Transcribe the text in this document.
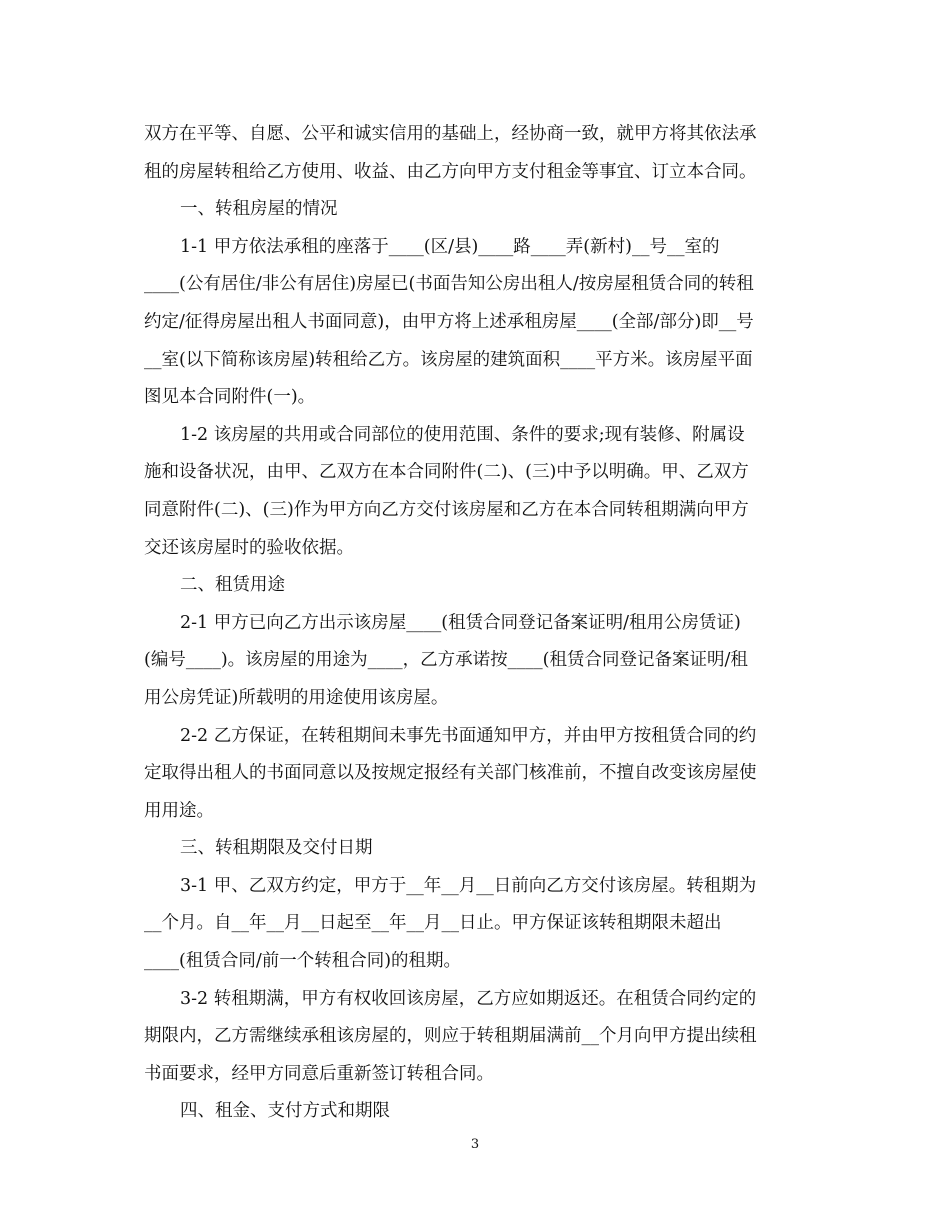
双方在平等、自愿、公平和诚实信用的基础上，经协商一致，就甲方将其依法承
租的房屋转租给乙方使用、收益、由乙方向甲方支付租金等事宜、订立本合同。
一、转租房屋的情况
1-1 甲方依法承租的座落于____(区/县)____路____弄(新村)__号__室的
____(公有居住/非公有居住)房屋已(书面告知公房出租人/按房屋租赁合同的转租
约定/征得房屋出租人书面同意)，由甲方将上述承租房屋____(全部/部分)即__号
__室(以下简称该房屋)转租给乙方。该房屋的建筑面积____平方米。该房屋平面
图见本合同附件(一)。
1-2 该房屋的共用或合同部位的使用范围、条件的要求;现有装修、附属设
施和设备状况，由甲、乙双方在本合同附件(二)、(三)中予以明确。甲、乙双方
同意附件(二)、(三)作为甲方向乙方交付该房屋和乙方在本合同转租期满向甲方
交还该房屋时的验收依据。
二、租赁用途
2-1 甲方已向乙方出示该房屋____(租赁合同登记备案证明/租用公房赁证)
(编号____)。该房屋的用途为____，乙方承诺按____(租赁合同登记备案证明/租
用公房凭证)所载明的用途使用该房屋。
2-2 乙方保证，在转租期间未事先书面通知甲方，并由甲方按租赁合同的约
定取得出租人的书面同意以及按规定报经有关部门核准前，不擅自改变该房屋使
用用途。
三、转租期限及交付日期
3-1 甲、乙双方约定，甲方于__年__月__日前向乙方交付该房屋。转租期为
__个月。自__年__月__日起至__年__月__日止。甲方保证该转租期限未超出
____(租赁合同/前一个转租合同)的租期。
3-2 转租期满，甲方有权收回该房屋，乙方应如期返还。在租赁合同约定的
期限内，乙方需继续承租该房屋的，则应于转租期届满前__个月向甲方提出续租
书面要求，经甲方同意后重新签订转租合同。
四、租金、支付方式和期限
3
